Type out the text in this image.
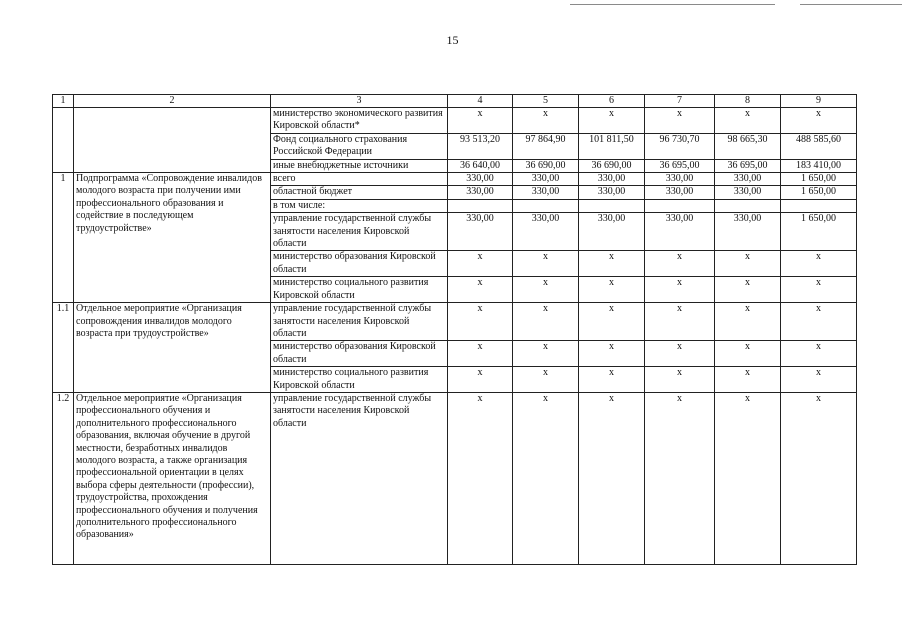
15
1	2	3	4	5	6	7	8	9
		министерство экономического развития Кировской области*	x	x	x	x	x	x
		Фонд социального страхования Российской Федерации	93 513,20	97 864,90	101 811,50	96 730,70	98 665,30	488 585,60
		иные внебюджетные источники	36 640,00	36 690,00	36 690,00	36 695,00	36 695,00	183 410,00
1	Подпрограмма «Сопровождение инвалидов молодого возраста при получении ими профессионального образования и содействие в последующем трудоустройстве»	всего	330,00	330,00	330,00	330,00	330,00	1 650,00
		областной бюджет	330,00	330,00	330,00	330,00	330,00	1 650,00
		в том числе:						
		управление государственной службы занятости населения Кировской области	330,00	330,00	330,00	330,00	330,00	1 650,00
		министерство образования Кировской области	x	x	x	x	x	x
		министерство социального развития Кировской области	x	x	x	x	x	x
1.1	Отдельное мероприятие «Организация сопровождения инвалидов молодого возраста при трудоустройстве»	управление государственной службы занятости населения Кировской области	x	x	x	x	x	x
		министерство образования Кировской области	x	x	x	x	x	x
		министерство социального развития Кировской области	x	x	x	x	x	x
1.2	Отдельное мероприятие «Организация профессионального обучения и дополнительного профессионального образования, включая обучение в другой местности, безработных инвалидов молодого возраста, а также организация профессиональной ориентации в целях выбора сферы деятельности (профессии), трудоустройства, прохождения профессионального обучения и получения дополнительного профессионального образования»	управление государственной службы занятости населения Кировской области	x	x	x	x	x	x
